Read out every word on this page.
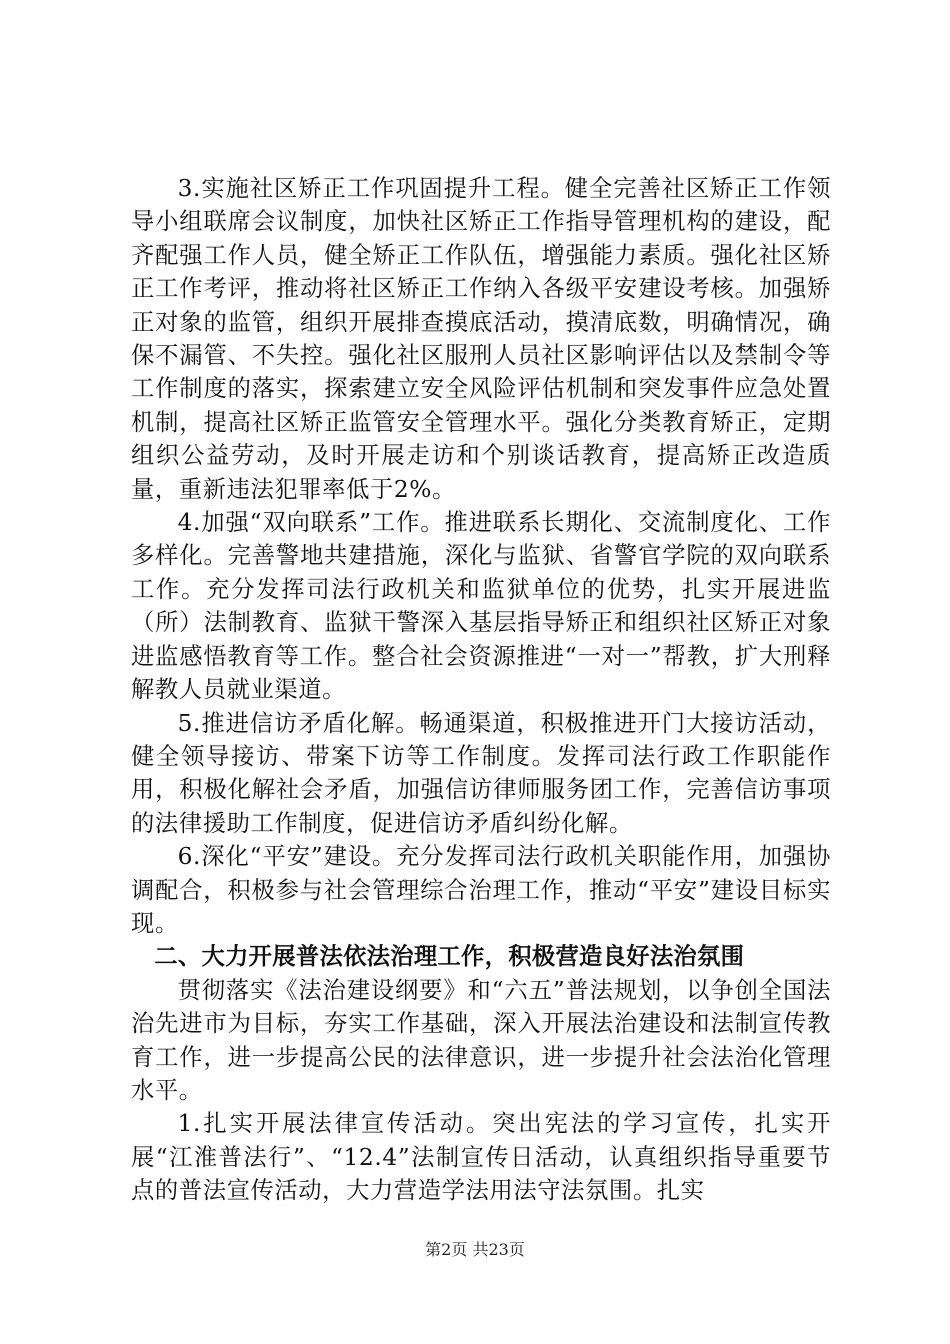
3.实施社区矫正工作巩固提升工程。健全完善社区矫正工作领导小组联席会议制度，加快社区矫正工作指导管理机构的建设，配齐配强工作人员，健全矫正工作队伍，增强能力素质。强化社区矫正工作考评，推动将社区矫正工作纳入各级平安建设考核。加强矫正对象的监管，组织开展排查摸底活动，摸清底数，明确情况，确保不漏管、不失控。强化社区服刑人员社区影响评估以及禁制令等工作制度的落实，探索建立安全风险评估机制和突发事件应急处置机制，提高社区矫正监管安全管理水平。强化分类教育矫正，定期组织公益劳动，及时开展走访和个别谈话教育，提高矫正改造质量，重新违法犯罪率低于2%。

4.加强“双向联系”工作。推进联系长期化、交流制度化、工作多样化。完善警地共建措施，深化与监狱、省警官学院的双向联系工作。充分发挥司法行政机关和监狱单位的优势，扎实开展进监（所）法制教育、监狱干警深入基层指导矫正和组织社区矫正对象进监感悟教育等工作。整合社会资源推进“一对一”帮教，扩大刑释解教人员就业渠道。

5.推进信访矛盾化解。畅通渠道，积极推进开门大接访活动，健全领导接访、带案下访等工作制度。发挥司法行政工作职能作用，积极化解社会矛盾，加强信访律师服务团工作，完善信访事项的法律援助工作制度，促进信访矛盾纠纷化解。

6.深化“平安”建设。充分发挥司法行政机关职能作用，加强协调配合，积极参与社会管理综合治理工作，推动“平安”建设目标实现。

二、大力开展普法依法治理工作，积极营造良好法治氛围

贯彻落实《法治建设纲要》和“六五”普法规划，以争创全国法治先进市为目标，夯实工作基础，深入开展法治建设和法制宣传教育工作，进一步提高公民的法律意识，进一步提升社会法治化管理水平。

1.扎实开展法律宣传活动。突出宪法的学习宣传，扎实开展“江淮普法行”、“12.4”法制宣传日活动，认真组织指导重要节点的普法宣传活动，大力营造学法用法守法氛围。扎实

第2页 共23页
